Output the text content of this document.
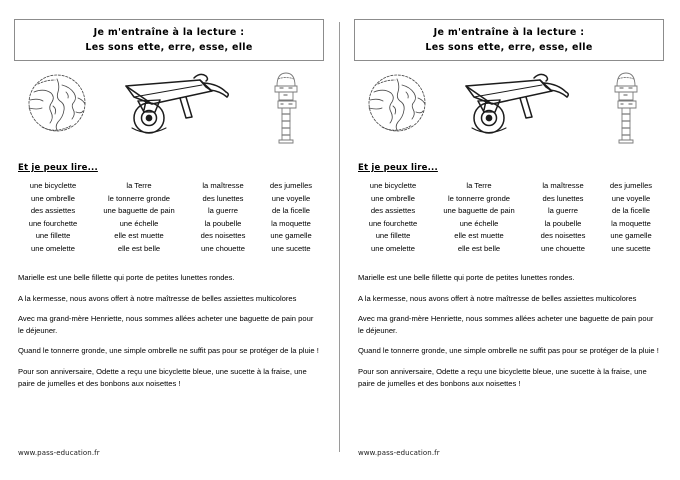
Je m'entraîne à la lecture :
Les sons ette, erre, esse, elle
Et je peux lire...
une bicyclette
une ombrelle
des assiettes
une fourchette
une fillette
une omelette
la Terre
le tonnerre gronde
une baguette de pain
une échelle
elle est muette
elle est belle
la maîtresse
des lunettes
la guerre
la poubelle
des noisettes
une chouette
des jumelles
une voyelle
de la ficelle
la moquette
une gamelle
une sucette
Marielle est une belle fillette qui porte de petites lunettes rondes.
A la kermesse, nous avons offert à notre maîtresse de belles assiettes multicolores
Avec ma grand-mère Henriette, nous sommes allées acheter une baguette de pain pour le déjeuner.
Quand le tonnerre gronde, une simple ombrelle ne suffit pas pour se protéger de la pluie !
Pour son anniversaire, Odette a reçu une bicyclette bleue, une sucette à la fraise, une paire de jumelles et des bonbons aux noisettes !
www.pass-education.fr
Je m'entraîne à la lecture :
Les sons ette, erre, esse, elle
Et je peux lire...
une bicyclette
une ombrelle
des assiettes
une fourchette
une fillette
une omelette
la Terre
le tonnerre gronde
une baguette de pain
une échelle
elle est muette
elle est belle
la maîtresse
des lunettes
la guerre
la poubelle
des noisettes
une chouette
des jumelles
une voyelle
de la ficelle
la moquette
une gamelle
une sucette
Marielle est une belle fillette qui porte de petites lunettes rondes.
A la kermesse, nous avons offert à notre maîtresse de belles assiettes multicolores
Avec ma grand-mère Henriette, nous sommes allées acheter une baguette de pain pour le déjeuner.
Quand le tonnerre gronde, une simple ombrelle ne suffit pas pour se protéger de la pluie !
Pour son anniversaire, Odette a reçu une bicyclette bleue, une sucette à la fraise, une paire de jumelles et des bonbons aux noisettes !
www.pass-education.fr
